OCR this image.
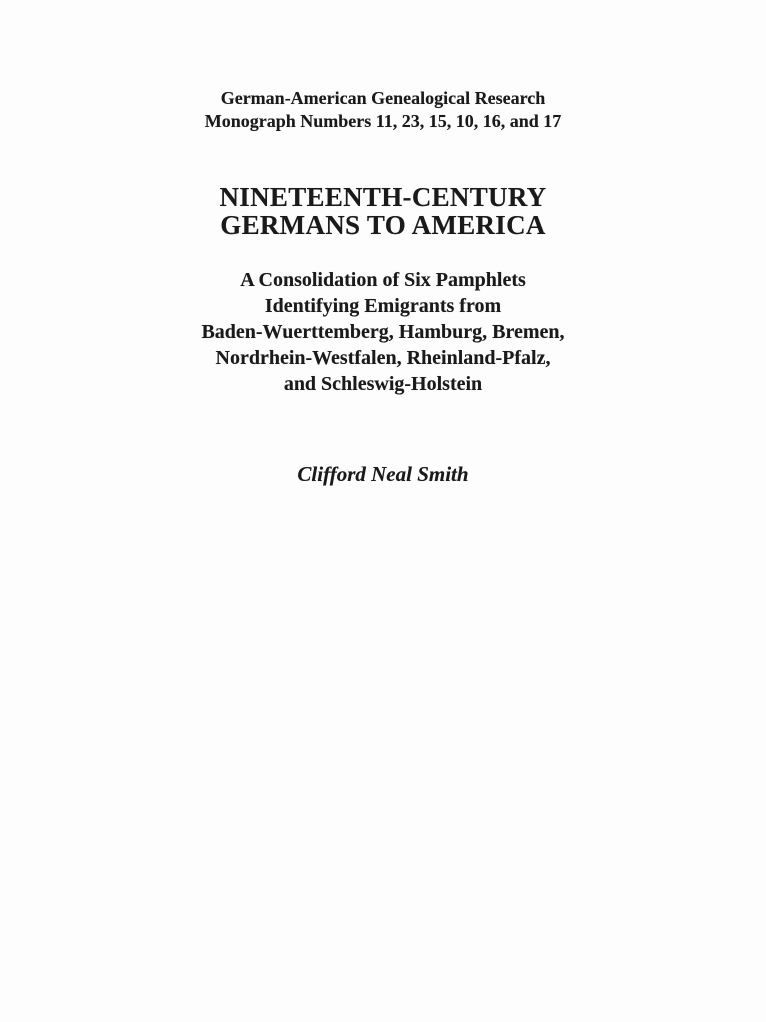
German-American Genealogical Research
Monograph Numbers 11, 23, 15, 10, 16, and 17
NINETEENTH-CENTURY
GERMANS TO AMERICA
A Consolidation of Six Pamphlets
Identifying Emigrants from
Baden-Wuerttemberg, Hamburg, Bremen,
Nordrhein-Westfalen, Rheinland-Pfalz,
and Schleswig-Holstein
Clifford Neal Smith
